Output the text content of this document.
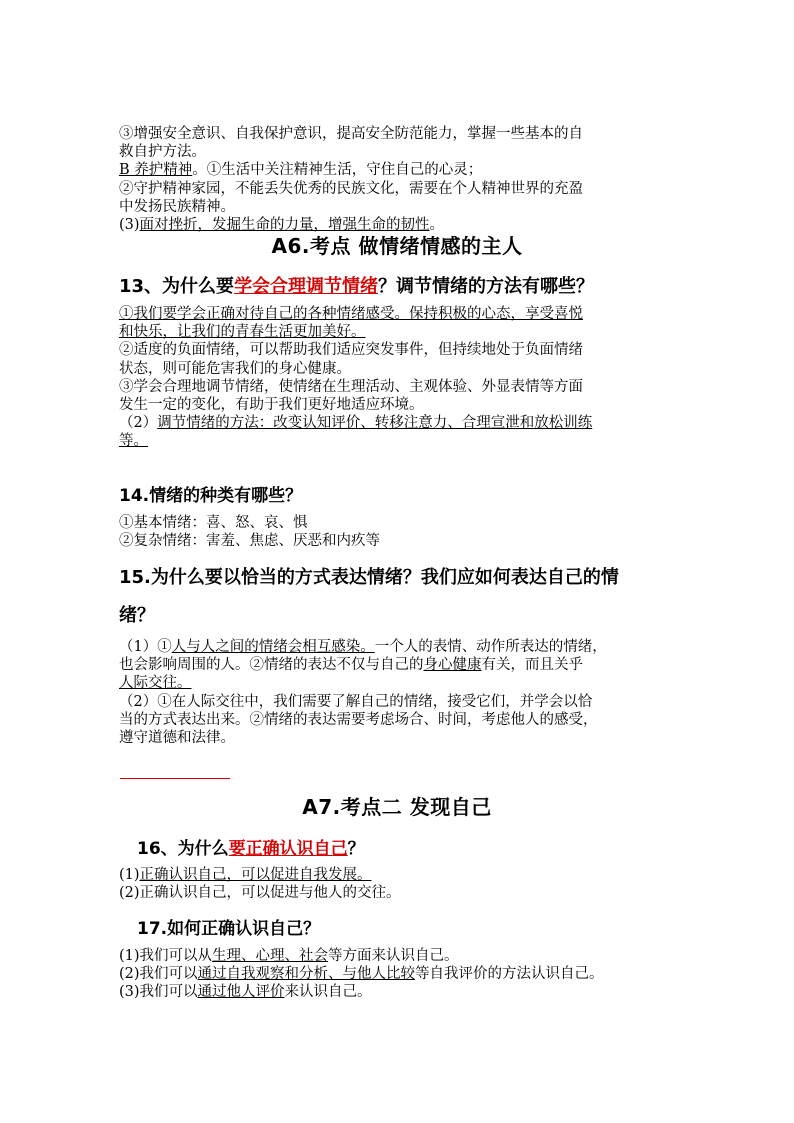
③增强安全意识、自我保护意识，提高安全防范能力，掌握一些基本的自
救自护方法。
B 养护精神。①生活中关注精神生活，守住自己的心灵；
②守护精神家园，不能丢失优秀的民族文化，需要在个人精神世界的充盈
中发扬民族精神。
(3)面对挫折，发掘生命的力量，增强生命的韧性。
A6.考点 做情绪情感的主人
13、为什么要学会合理调节情绪？调节情绪的方法有哪些？
①我们要学会正确对待自己的各种情绪感受。保持积极的心态，享受喜悦
和快乐，让我们的青春生活更加美好。
②适度的负面情绪，可以帮助我们适应突发事件，但持续地处于负面情绪
状态，则可能危害我们的身心健康。
③学会合理地调节情绪，使情绪在生理活动、主观体验、外显表情等方面
发生一定的变化，有助于我们更好地适应环境。
（2）调节情绪的方法：改变认知评价、转移注意力、合理宣泄和放松训练
等。
14.情绪的种类有哪些？
①基本情绪：喜、怒、哀、惧
②复杂情绪：害羞、焦虑、厌恶和内疚等
15.为什么要以恰当的方式表达情绪？我们应如何表达自己的情
绪？
（1）①人与人之间的情绪会相互感染。一个人的表情、动作所表达的情绪，
也会影响周围的人。②情绪的表达不仅与自己的身心健康有关，而且关乎
人际交往。
（2）①在人际交往中，我们需要了解自己的情绪，接受它们，并学会以恰
当的方式表达出来。②情绪的表达需要考虑场合、时间，考虑他人的感受，
遵守道德和法律。
A7.考点二 发现自己
16、为什么要正确认识自己？
(1)正确认识自己，可以促进自我发展。
(2)正确认识自己，可以促进与他人的交往。
17.如何正确认识自己？
(1)我们可以从生理、心理、社会等方面来认识自己。
(2)我们可以通过自我观察和分析、与他人比较等自我评价的方法认识自己。
(3)我们可以通过他人评价来认识自己。
